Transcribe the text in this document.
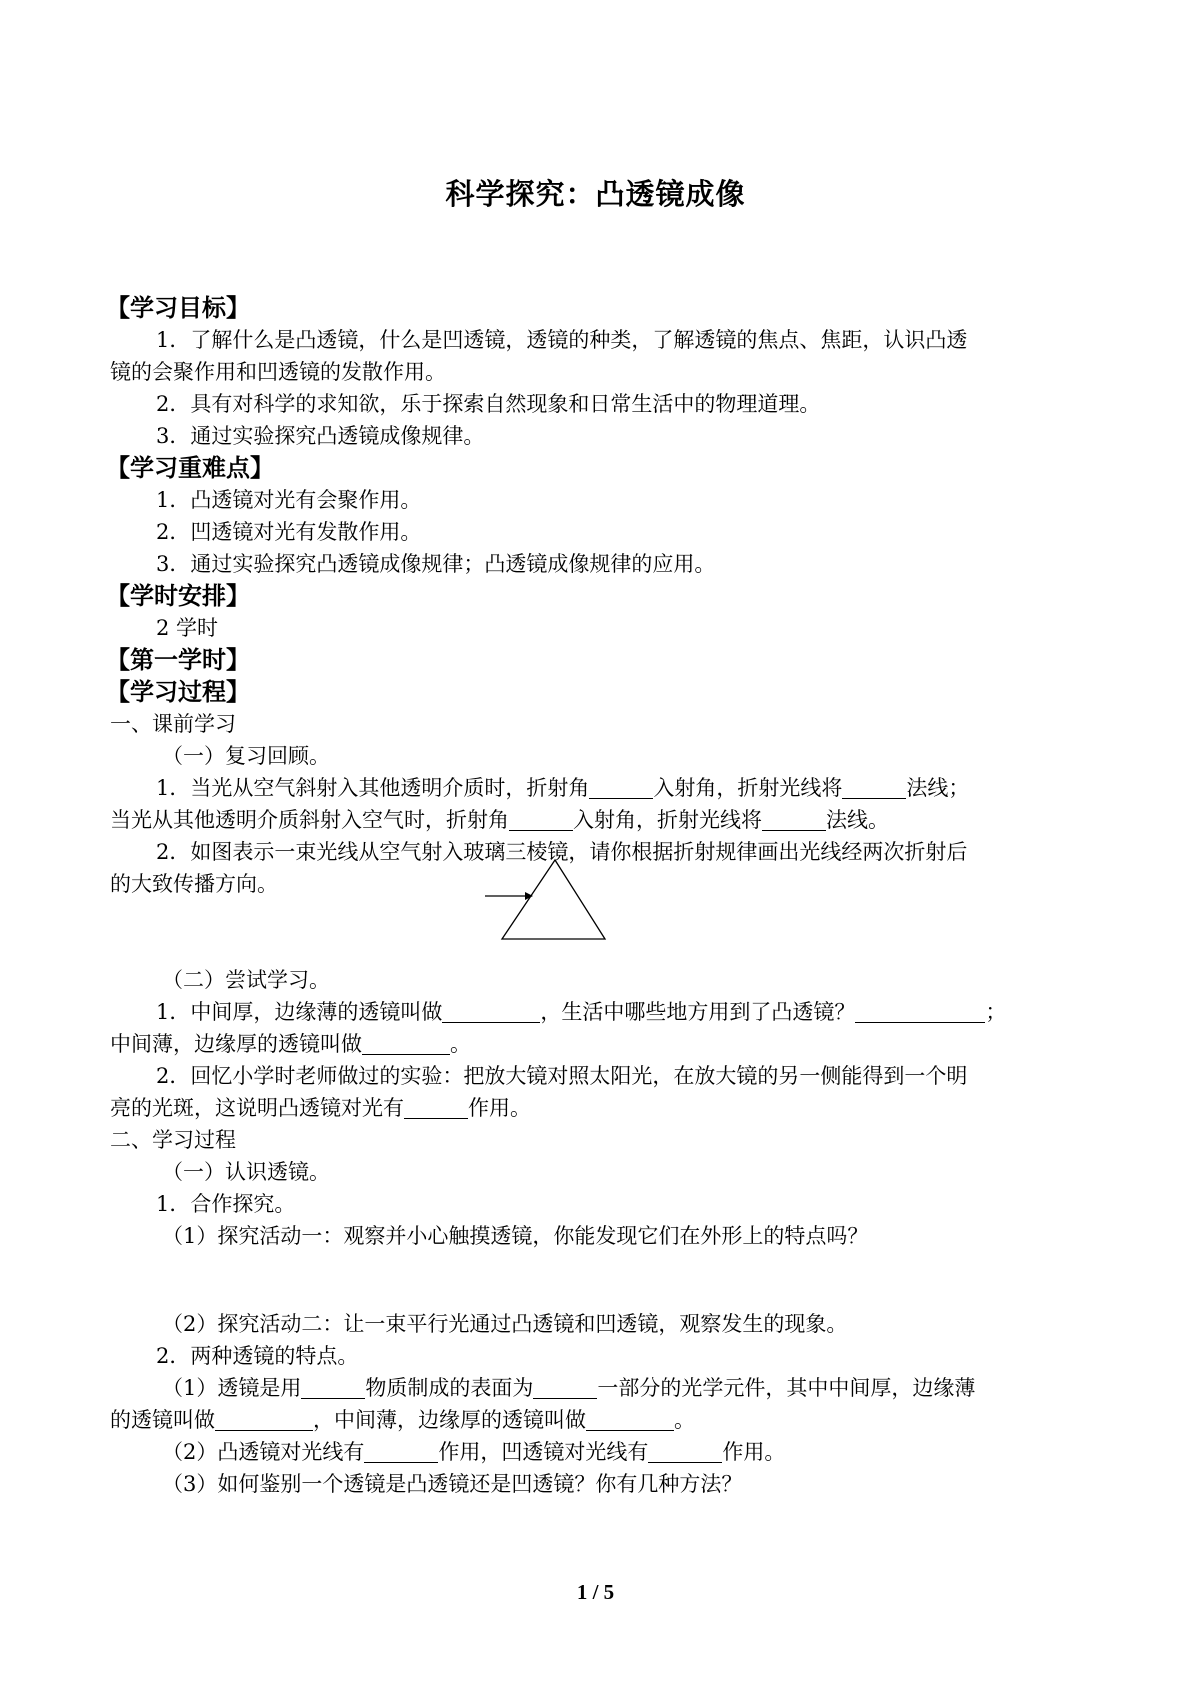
科学探究：凸透镜成像
【学习目标】
1．了解什么是凸透镜，什么是凹透镜，透镜的种类，了解透镜的焦点、焦距，认识凸透
镜的会聚作用和凹透镜的发散作用。
2．具有对科学的求知欲，乐于探索自然现象和日常生活中的物理道理。
3．通过实验探究凸透镜成像规律。
【学习重难点】
1．凸透镜对光有会聚作用。
2．凹透镜对光有发散作用。
3．通过实验探究凸透镜成像规律；凸透镜成像规律的应用。
【学时安排】
2 学时
【第一学时】
【学习过程】
一、课前学习
（一）复习回顾。
1．当光从空气斜射入其他透明介质时，折射角	入射角，折射光线将	法线；
当光从其他透明介质斜射入空气时，折射角	入射角，折射光线将	法线。
2．如图表示一束光线从空气射入玻璃三棱镜，请你根据折射规律画出光线经两次折射后
的大致传播方向。
（二）尝试学习。
1．中间厚，边缘薄的透镜叫做	，生活中哪些地方用到了凸透镜？	；
中间薄，边缘厚的透镜叫做	。
2．回忆小学时老师做过的实验：把放大镜对照太阳光，在放大镜的另一侧能得到一个明
亮的光斑，这说明凸透镜对光有	作用。
二、学习过程
（一）认识透镜。
1．合作探究。
（1）探究活动一：观察并小心触摸透镜，你能发现它们在外形上的特点吗？
（2）探究活动二：让一束平行光通过凸透镜和凹透镜，观察发生的现象。
2．两种透镜的特点。
（1）透镜是用	物质制成的表面为	一部分的光学元件，其中中间厚，边缘薄
的透镜叫做	，中间薄，边缘厚的透镜叫做	。
（2）凸透镜对光线有	作用，凹透镜对光线有	作用。
（3）如何鉴别一个透镜是凸透镜还是凹透镜？你有几种方法？
1 / 5
